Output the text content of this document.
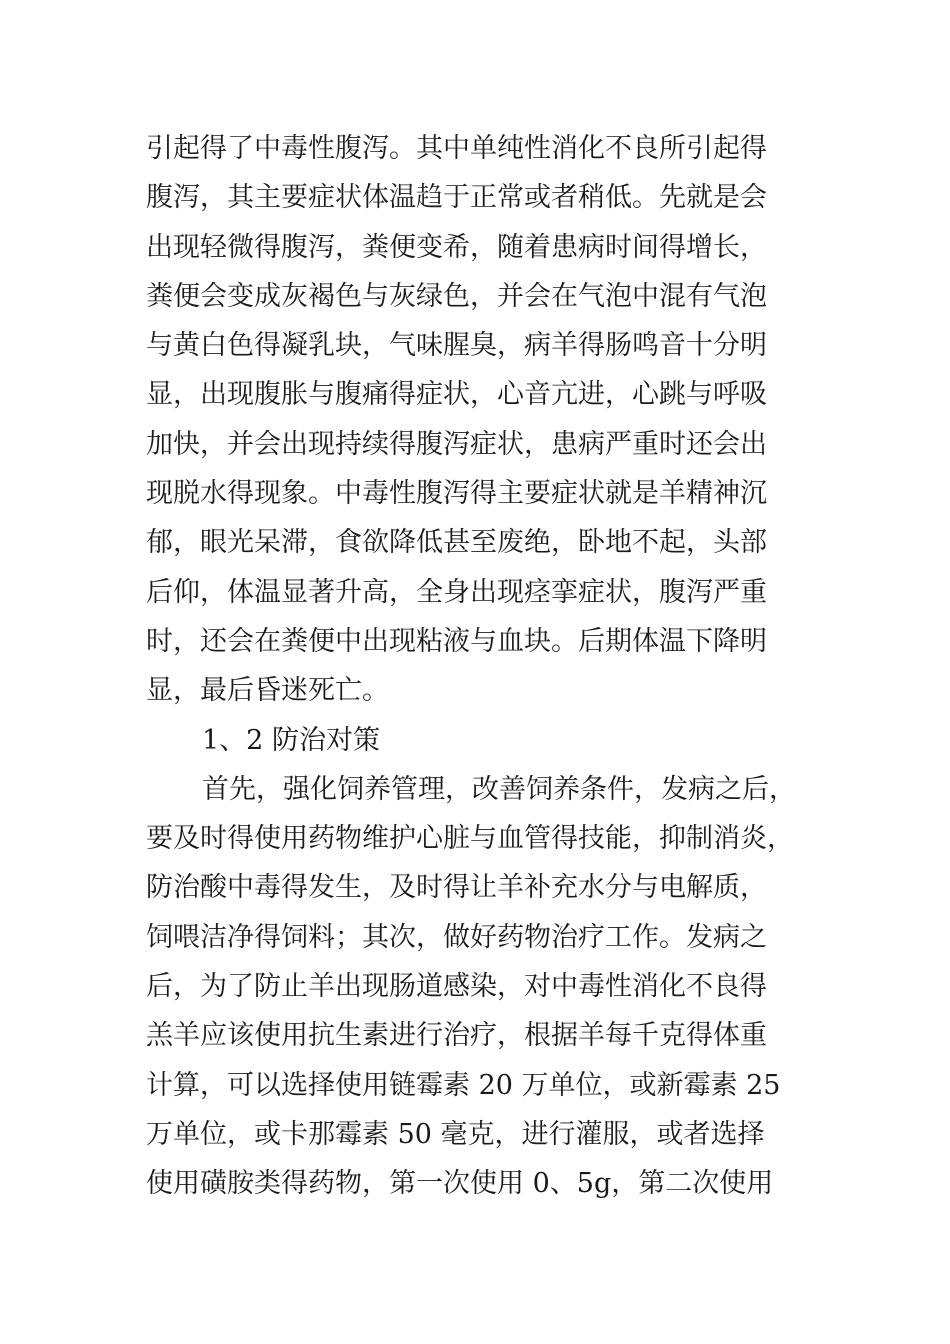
引起得了中毒性腹泻。其中单纯性消化不良所引起得
腹泻，其主要症状体温趋于正常或者稍低。先就是会
出现轻微得腹泻，粪便变希，随着患病时间得增长，
粪便会变成灰褐色与灰绿色，并会在气泡中混有气泡
与黄白色得凝乳块，气味腥臭，病羊得肠鸣音十分明
显，出现腹胀与腹痛得症状，心音亢进，心跳与呼吸
加快，并会出现持续得腹泻症状，患病严重时还会出
现脱水得现象。中毒性腹泻得主要症状就是羊精神沉
郁，眼光呆滞，食欲降低甚至废绝，卧地不起，头部
后仰，体温显著升高，全身出现痉挛症状，腹泻严重
时，还会在粪便中出现粘液与血块。后期体温下降明
显，最后昏迷死亡。
1、2 防治对策
首先，强化饲养管理，改善饲养条件，发病之后，
要及时得使用药物维护心脏与血管得技能，抑制消炎，
防治酸中毒得发生，及时得让羊补充水分与电解质，
饲喂洁净得饲料；其次，做好药物治疗工作。发病之
后，为了防止羊出现肠道感染，对中毒性消化不良得
羔羊应该使用抗生素进行治疗，根据羊每千克得体重
计算，可以选择使用链霉素 20 万单位，或新霉素 25
万单位，或卡那霉素 50 毫克，进行灌服，或者选择
使用磺胺类得药物，第一次使用 0、5g，第二次使用
